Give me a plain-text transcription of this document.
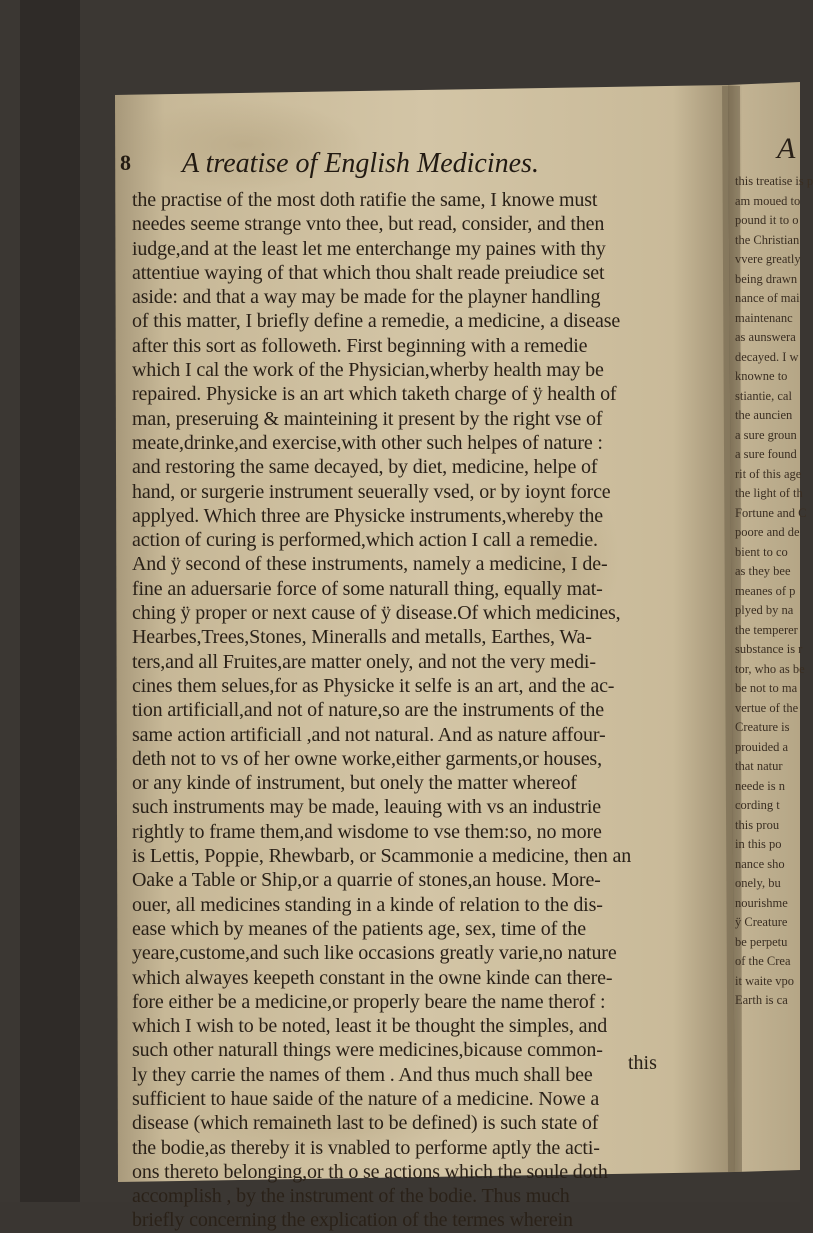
8 A treatise of English Medicines.
the practise of the most doth ratifie the same, I knowe must
needes seeme strange vnto thee, but read, consider, and then
iudge,and at the least let me enterchange my paines with thy
attentiue waying of that which thou shalt reade preiudice set
aside: and that a way may be made for the playner handling
of this matter, I briefly define a remedie, a medicine, a disease
after this sort as followeth. First beginning with a remedie
which I cal the work of the Physician,wherby health may be
repaired. Physicke is an art which taketh charge of ÿ health of
man, preseruing & mainteining it present by the right vse of
meate,drinke,and exercise,with other such helpes of nature :
and restoring the same decayed, by diet, medicine, helpe of
hand, or surgerie instrument seuerally vsed, or by ioynt force
applyed. Which three are Physicke instruments,whereby the
action of curing is performed,which action I call a remedie.
And ÿ second of these instruments, namely a medicine, I de-
fine an aduersarie force of some naturall thing, equally mat-
ching ÿ proper or next cause of ÿ disease.Of which medicines,
Hearbes,Trees,Stones, Mineralls and metalls, Earthes, Wa-
ters,and all Fruites,are matter onely, and not the very medi-
cines them selues,for as Physicke it selfe is an art, and the ac-
tion artificiall,and not of nature,so are the instruments of the
same action artificiall ,and not natural. And as nature affour-
deth not to vs of her owne worke,either garments,or houses,
or any kinde of instrument, but onely the matter whereof
such instruments may be made, leauing with vs an industrie
rightly to frame them,and wisdome to vse them:so, no more
is Lettis, Poppie, Rhewbarb, or Scammonie a medicine, then an
Oake a Table or Ship,or a quarrie of stones,an house. More-
ouer, all medicines standing in a kinde of relation to the dis-
ease which by meanes of the patients age, sex, time of the
yeare,custome,and such like occasions greatly varie,no nature
which alwayes keepeth constant in the owne kinde can there-
fore either be a medicine,or properly beare the name therof :
which I wish to be noted, least it be thought the simples, and
such other naturall things were medicines,bicause common-
ly they carrie the names of them . And thus much shall bee
sufficient to haue saide of the nature of a medicine. Nowe a
disease (which remaineth last to be defined) is such state of
the bodie,as thereby it is vnabled to performe aptly the acti-
ons thereto belonging,or th o se actions which the soule doth
accomplish , by the instrument of the bodie. Thus much
briefly concerning the explication of the termes wherein
this
A
this treatise is p
am moued to
pound it to o
the Christian
vvere greatly
being drawn
nance of mai
maintenanc
as aunswera
decayed. I w
knowne to
stiantie, cal
the auncien
a sure groun
a sure found
rit of this age
the light of th
Fortune and C
poore and de
bient to co
as they bee
meanes of p
plyed by na
the temperer
substance is r
tor, who as be
be not to ma
vertue of the
Creature is
prouided a
that natur
neede is n
cording t
this prou
in this po
nance sho
onely, bu
nourishme
ÿ Creature
be perpetu
of the Crea
it waite vpo
Earth is ca
